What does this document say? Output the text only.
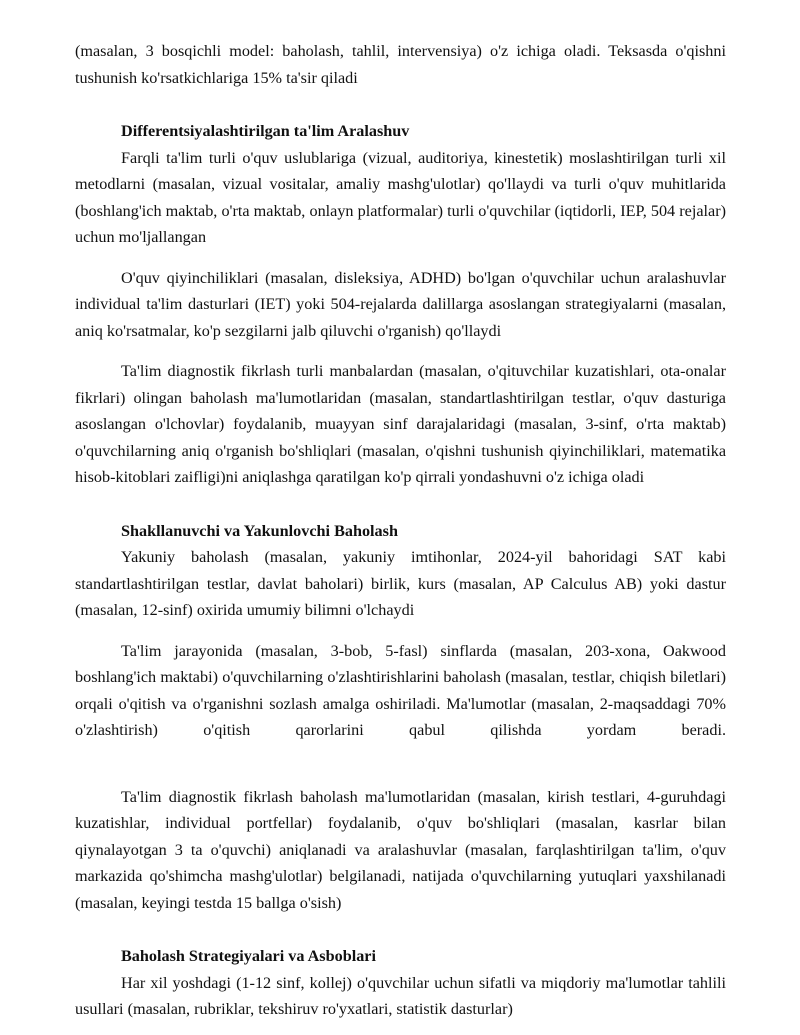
(masalan, 3 bosqichli model: baholash, tahlil, intervensiya) o'z ichiga oladi. Teksasda o'qishni tushunish ko'rsatkichlariga 15% ta'sir qiladi

Differentsiyalashtirilgan ta'lim Aralashuv

Farqli ta'lim turli o'quv uslublariga (vizual, auditoriya, kinestetik) moslashtirilgan turli xil metodlarni (masalan, vizual vositalar, amaliy mashg'ulotlar) qo'llaydi va turli o'quv muhitlarida (boshlang'ich maktab, o'rta maktab, onlayn platformalar) turli o'quvchilar (iqtidorli, IEP, 504 rejalar) uchun mo'ljallangan

O'quv qiyinchiliklari (masalan, disleksiya, ADHD) bo'lgan o'quvchilar uchun aralashuvlar individual ta'lim dasturlari (IET) yoki 504-rejalarda dalillarga asoslangan strategiyalarni (masalan, aniq ko'rsatmalar, ko'p sezgilarni jalb qiluvchi o'rganish) qo'llaydi

Ta'lim diagnostik fikrlash turli manbalardan (masalan, o'qituvchilar kuzatishlari, ota-onalar fikrlari) olingan baholash ma'lumotlaridan (masalan, standartlashtirilgan testlar, o'quv dasturiga asoslangan o'lchovlar) foydalanib, muayyan sinf darajalaridagi (masalan, 3-sinf, o'rta maktab) o'quvchilarning aniq o'rganish bo'shliqlari (masalan, o'qishni tushunish qiyinchiliklari, matematika hisob-kitoblari zaifligi)ni aniqlashga qaratilgan ko'p qirrali yondashuvni o'z ichiga oladi

Shakllanuvchi va Yakunlovchi Baholash

Yakuniy baholash (masalan, yakuniy imtihonlar, 2024-yil bahoridagi SAT kabi standartlashtirilgan testlar, davlat baholari) birlik, kurs (masalan, AP Calculus AB) yoki dastur (masalan, 12-sinf) oxirida umumiy bilimni o'lchaydi

Ta'lim jarayonida (masalan, 3-bob, 5-fasl) sinflarda (masalan, 203-xona, Oakwood boshlang'ich maktabi) o'quvchilarning o'zlashtirishlarini baholash (masalan, testlar, chiqish biletlari) orqali o'qitish va o'rganishni sozlash amalga oshiriladi. Ma'lumotlar (masalan, 2-maqsaddagi 70% o'zlashtirish) o'qitish qarorlarini qabul qilishda yordam beradi.

Ta'lim diagnostik fikrlash baholash ma'lumotlaridan (masalan, kirish testlari, 4-guruhdagi kuzatishlar, individual portfellar) foydalanib, o'quv bo'shliqlari (masalan, kasrlar bilan qiynalayotgan 3 ta o'quvchi) aniqlanadi va aralashuvlar (masalan, farqlashtirilgan ta'lim, o'quv markazida qo'shimcha mashg'ulotlar) belgilanadi, natijada o'quvchilarning yutuqlari yaxshilanadi (masalan, keyingi testda 15 ballga o'sish)

Baholash Strategiyalari va Asboblari

Har xil yoshdagi (1-12 sinf, kollej) o'quvchilar uchun sifatli va miqdoriy ma'lumotlar tahlili usullari (masalan, rubriklar, tekshiruv ro'yxatlari, statistik dasturlar)
